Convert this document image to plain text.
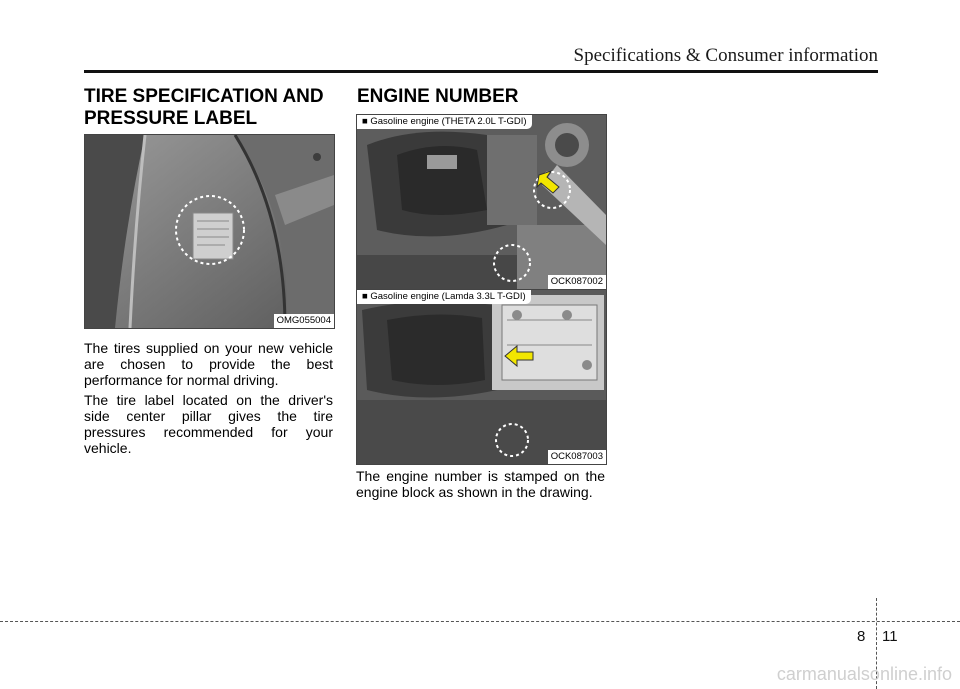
Specifications & Consumer information
TIRE SPECIFICATION AND PRESSURE LABEL
OMG055004

The tires supplied on your new vehicle are chosen to provide the best performance for normal driving.

The tire label located on the driver's side center pillar gives the tire pressures recommended for your vehicle.

ENGINE NUMBER
■ Gasoline engine (THETA 2.0L T-GDI)
OCK087002
■ Gasoline engine (Lamda 3.3L T-GDI)
OCK087003

The engine number is stamped on the engine block as shown in the drawing.

8 11
carmanualsonline.info
